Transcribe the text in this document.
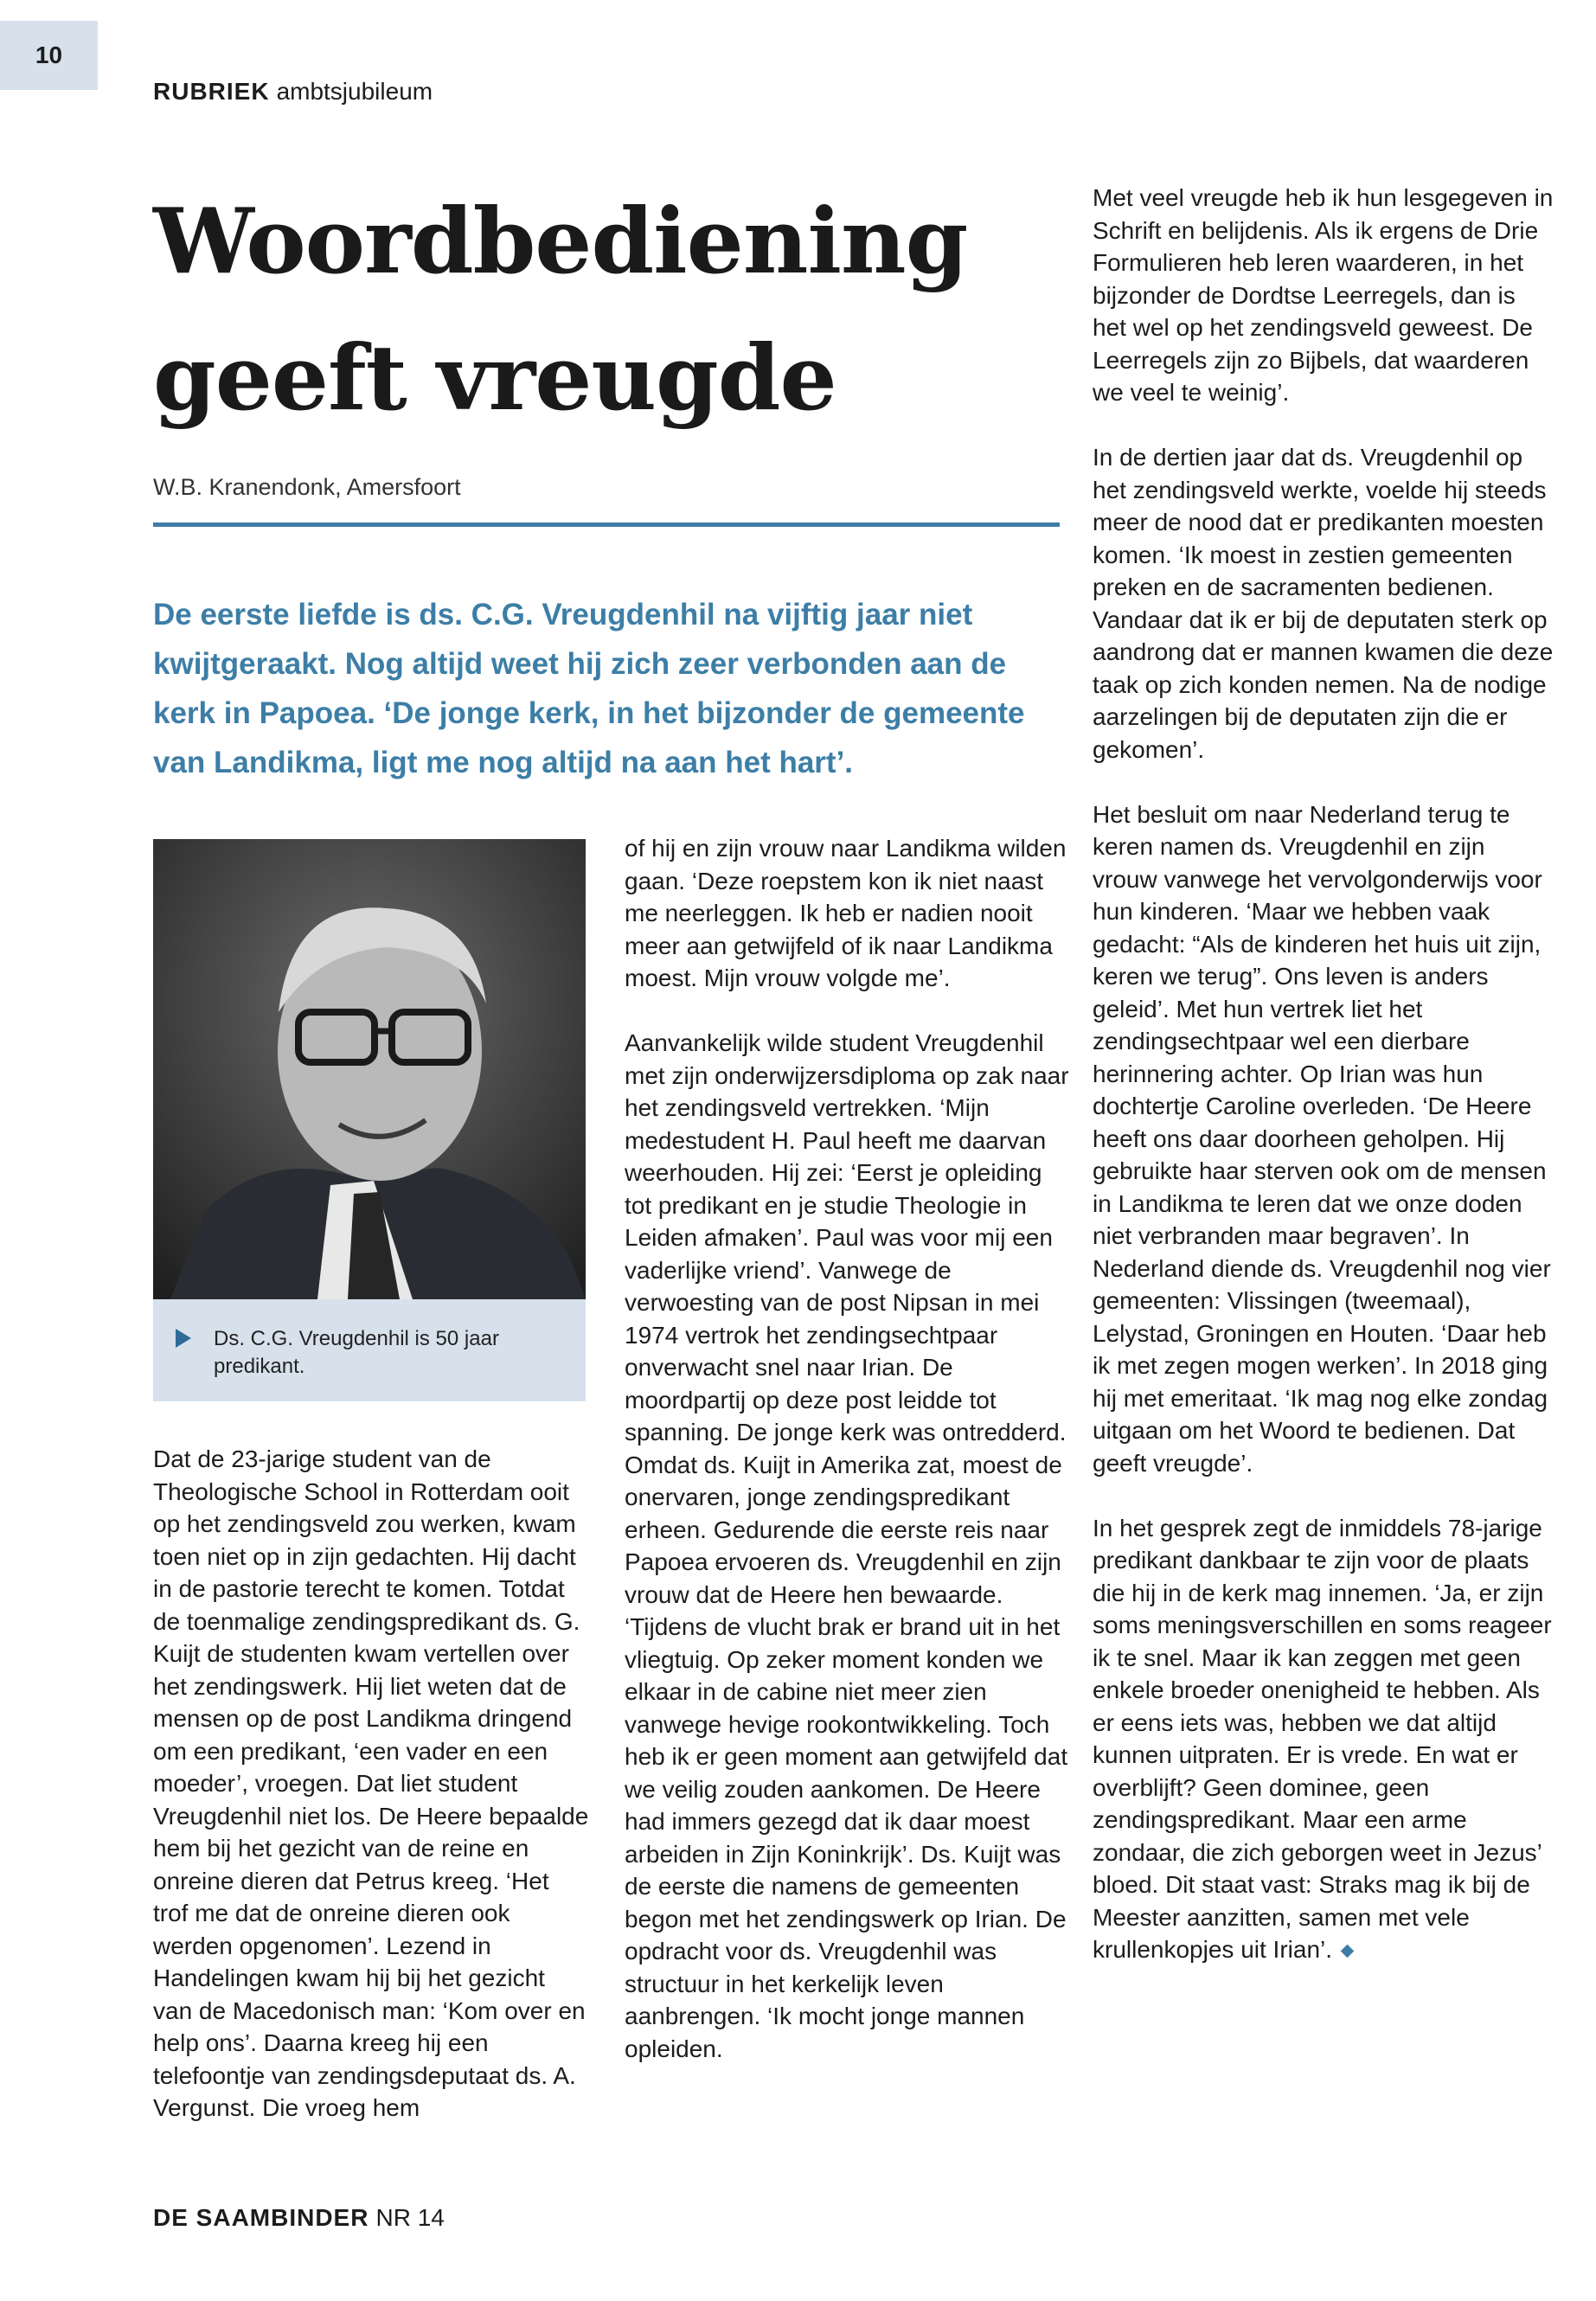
10
RUBRIEK ambtsjubileum
Woordbediening
geeft vreugde
W.B. Kranendonk, Amersfoort

De eerste liefde is ds. C.G. Vreugdenhil na vijftig jaar niet kwijtgeraakt. Nog altijd weet hij zich zeer verbonden aan de kerk in Papoea. ‘De jonge kerk, in het bijzonder de gemeente van Landikma, ligt me nog altijd na aan het hart’.

Ds. C.G. Vreugdenhil is 50 jaar predikant.

Dat de 23-jarige student van de Theologische School in Rotterdam ooit op het zendingsveld zou werken, kwam toen niet op in zijn gedachten. Hij dacht in de pastorie terecht te komen. Totdat de toenmalige zendingspredikant ds. G. Kuijt de studenten kwam vertellen over het zendingswerk. Hij liet weten dat de mensen op de post Landikma dringend om een predikant, ‘een vader en een moeder’, vroegen. Dat liet student Vreugdenhil niet los. De Heere bepaalde hem bij het gezicht van de reine en onreine dieren dat Petrus kreeg. ‘Het trof me dat de onreine dieren ook werden opgenomen’. Lezend in Handelingen kwam hij bij het gezicht van de Macedonisch man: ‘Kom over en help ons’. Daarna kreeg hij een telefoontje van zendingsdeputaat ds. A. Vergunst. Die vroeg hem

of hij en zijn vrouw naar Landikma wilden gaan. ‘Deze roepstem kon ik niet naast me neerleggen. Ik heb er nadien nooit meer aan getwijfeld of ik naar Landikma moest. Mijn vrouw volgde me’.

Aanvankelijk wilde student Vreugdenhil met zijn onderwijzersdiploma op zak naar het zendingsveld vertrekken. ‘Mijn medestudent H. Paul heeft me daarvan weerhouden. Hij zei: ‘Eerst je opleiding tot predikant en je studie Theologie in Leiden afmaken’. Paul was voor mij een vaderlijke vriend’. Vanwege de verwoesting van de post Nipsan in mei 1974 vertrok het zendingsechtpaar onverwacht snel naar Irian. De moordpartij op deze post leidde tot spanning. De jonge kerk was ontredderd. Omdat ds. Kuijt in Amerika zat, moest de onervaren, jonge zendingspredikant erheen. Gedurende die eerste reis naar Papoea ervoeren ds. Vreugdenhil en zijn vrouw dat de Heere hen bewaarde. ‘Tijdens de vlucht brak er brand uit in het vliegtuig. Op zeker moment konden we elkaar in de cabine niet meer zien vanwege hevige rookontwikkeling. Toch heb ik er geen moment aan getwijfeld dat we veilig zouden aankomen. De Heere had immers gezegd dat ik daar moest arbeiden in Zijn Koninkrijk’. Ds. Kuijt was de eerste die namens de gemeenten begon met het zendingswerk op Irian. De opdracht voor ds. Vreugdenhil was structuur in het kerkelijk leven aanbrengen. ‘Ik mocht jonge mannen opleiden.

Met veel vreugde heb ik hun lesgegeven in Schrift en belijdenis. Als ik ergens de Drie Formulieren heb leren waarderen, in het bijzonder de Dordtse Leerregels, dan is het wel op het zendingsveld geweest. De Leerregels zijn zo Bijbels, dat waarderen we veel te weinig’.

In de dertien jaar dat ds. Vreugdenhil op het zendingsveld werkte, voelde hij steeds meer de nood dat er predikanten moesten komen. ‘Ik moest in zestien gemeenten preken en de sacramenten bedienen. Vandaar dat ik er bij de deputaten sterk op aandrong dat er mannen kwamen die deze taak op zich konden nemen. Na de nodige aarzelingen bij de deputaten zijn die er gekomen’.

Het besluit om naar Nederland terug te keren namen ds. Vreugdenhil en zijn vrouw vanwege het vervolgonderwijs voor hun kinderen. ‘Maar we hebben vaak gedacht: “Als de kinderen het huis uit zijn, keren we terug”. Ons leven is anders geleid’. Met hun vertrek liet het zendingsechtpaar wel een dierbare herinnering achter. Op Irian was hun dochtertje Caroline overleden. ‘De Heere heeft ons daar doorheen geholpen. Hij gebruikte haar sterven ook om de mensen in Landikma te leren dat we onze doden niet verbranden maar begraven’. In Nederland diende ds. Vreugdenhil nog vier gemeenten: Vlissingen (tweemaal), Lelystad, Groningen en Houten. ‘Daar heb ik met zegen mogen werken’. In 2018 ging hij met emeritaat. ‘Ik mag nog elke zondag uitgaan om het Woord te bedienen. Dat geeft vreugde’.

In het gesprek zegt de inmiddels 78-jarige predikant dankbaar te zijn voor de plaats die hij in de kerk mag innemen. ‘Ja, er zijn soms meningsverschillen en soms reageer ik te snel. Maar ik kan zeggen met geen enkele broeder onenigheid te hebben. Als er eens iets was, hebben we dat altijd kunnen uitpraten. Er is vrede. En wat er overblijft? Geen dominee, geen zendingspredikant. Maar een arme zondaar, die zich geborgen weet in Jezus’ bloed. Dit staat vast: Straks mag ik bij de Meester aanzitten, samen met vele krullenkopjes uit Irian’.

DE SAAMBINDER NR 14
